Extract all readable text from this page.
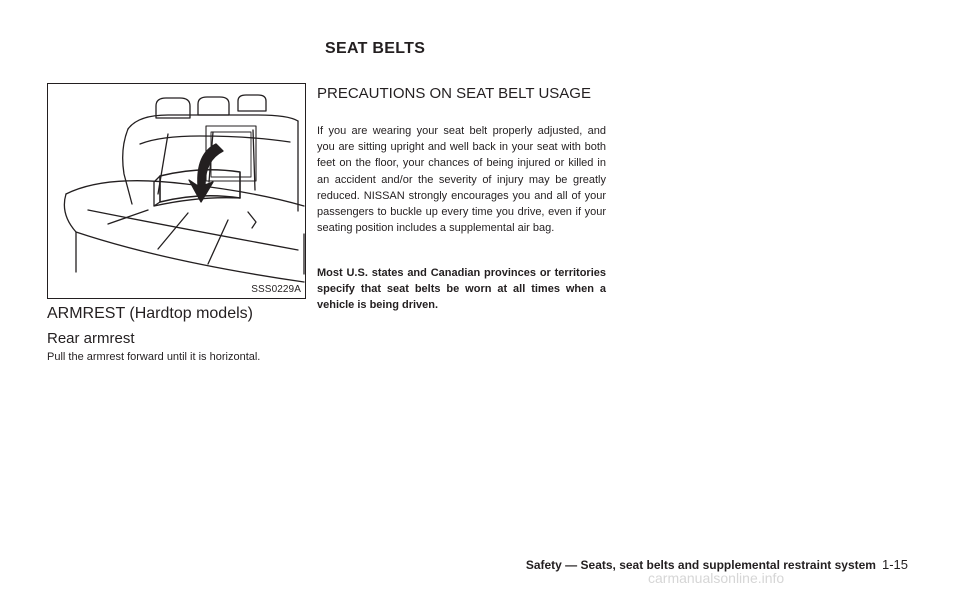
SSS0229A
ARMREST (Hardtop models)
Rear armrest

Pull the armrest forward until it is horizontal.

SEAT BELTS
PRECAUTIONS ON SEAT BELT USAGE

If you are wearing your seat belt properly adjusted, and you are sitting upright and well back in your seat with both feet on the floor, your chances of being injured or killed in an accident and/or the severity of injury may be greatly reduced. NISSAN strongly encourages you and all of your passengers to buckle up every time you drive, even if your seating position includes a supplemental air bag.

Most U.S. states and Canadian provinces or territories specify that seat belts be worn at all times when a vehicle is being driven.

Safety — Seats, seat belts and supplemental restraint system 1-15
carmanualsonline.info
